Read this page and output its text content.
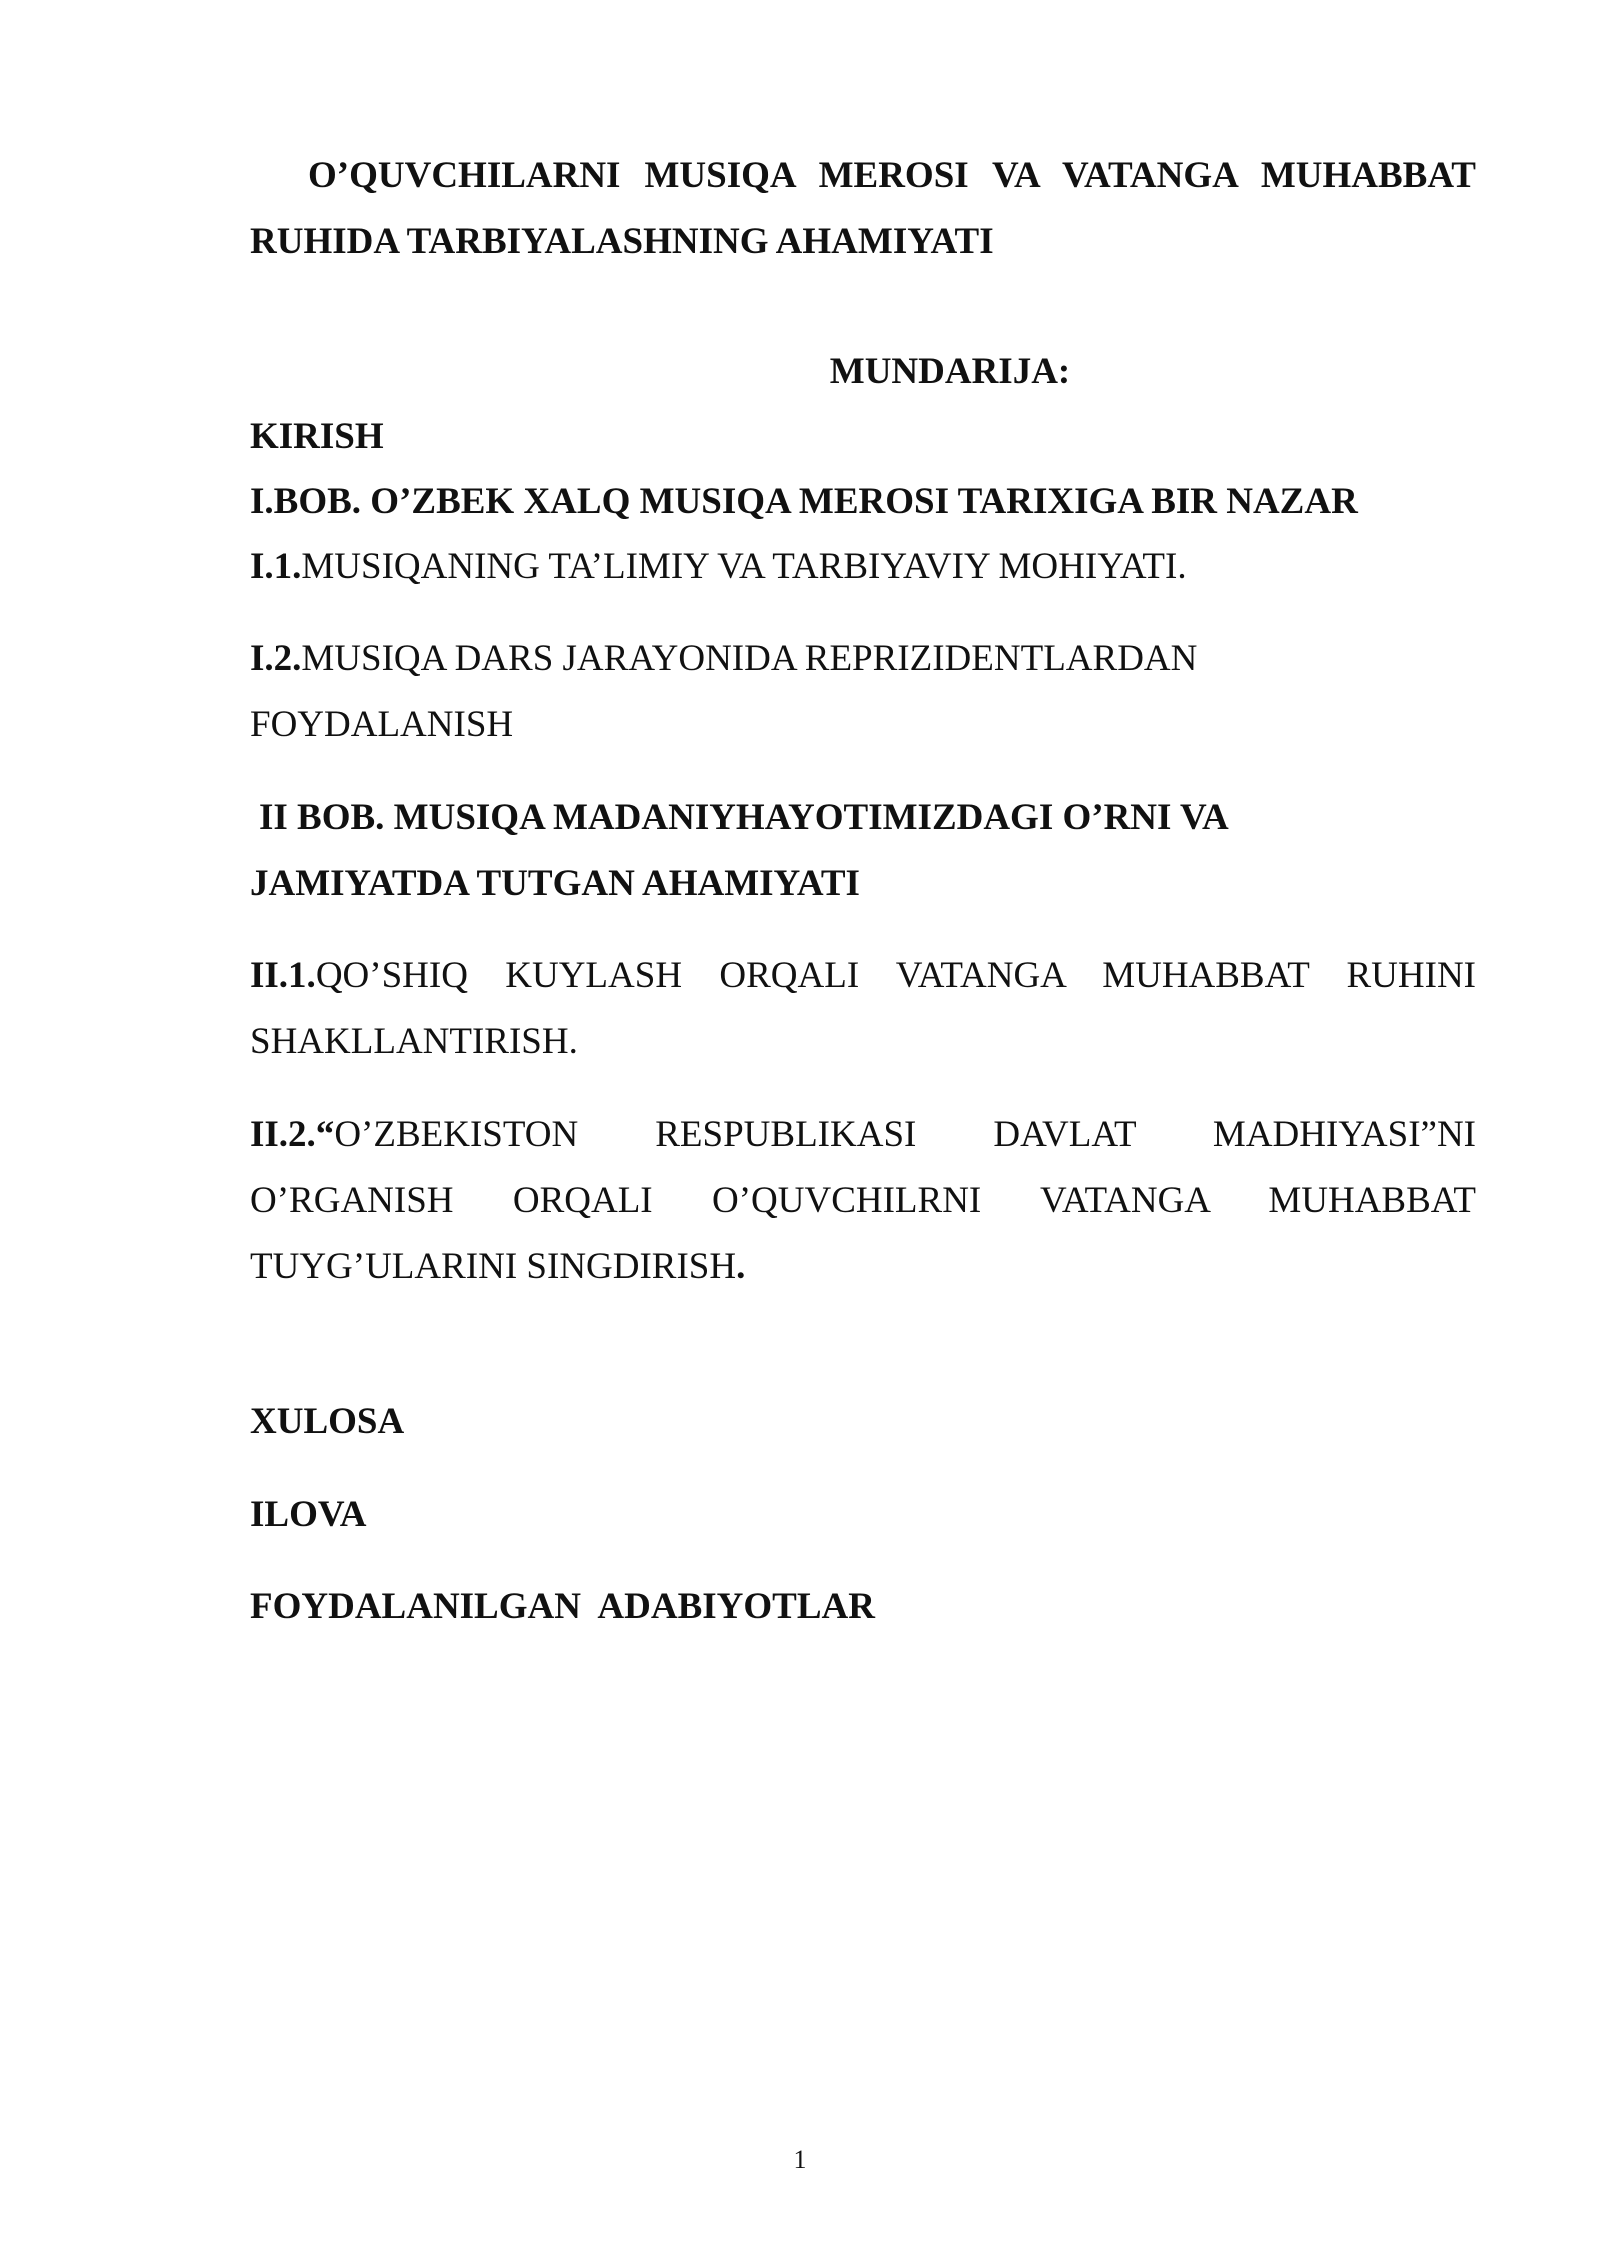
O’QUVCHILARNI MUSIQA MEROSI VA VATANGA MUHABBAT RUHIDA TARBIYALASHNING AHAMIYATI

MUNDARIJA:

KIRISH

I.BOB. O’ZBEK XALQ MUSIQA MEROSI TARIXIGA BIR NAZAR

I.1.MUSIQANING TA’LIMIY VA TARBIYAVIY MOHIYATI.

I.2.MUSIQA DARS JARAYONIDA REPRIZIDENTLARDAN FOYDALANISH

II BOB. MUSIQA MADANIYHAYOTIMIZDAGI O’RNI VA JAMIYATDA TUTGAN AHAMIYATI

II.1.QO’SHIQ KUYLASH ORQALI VATANGA MUHABBAT RUHINI SHAKLLANTIRISH.

II.2.“O’ZBEKISTON RESPUBLIKASI DAVLAT MADHIYASI”NI O’RGANISH ORQALI O’QUVCHILRNI VATANGA MUHABBAT TUYG’ULARINI SINGDIRISH.

XULOSA

ILOVA

FOYDALANILGAN  ADABIYOTLAR

1
